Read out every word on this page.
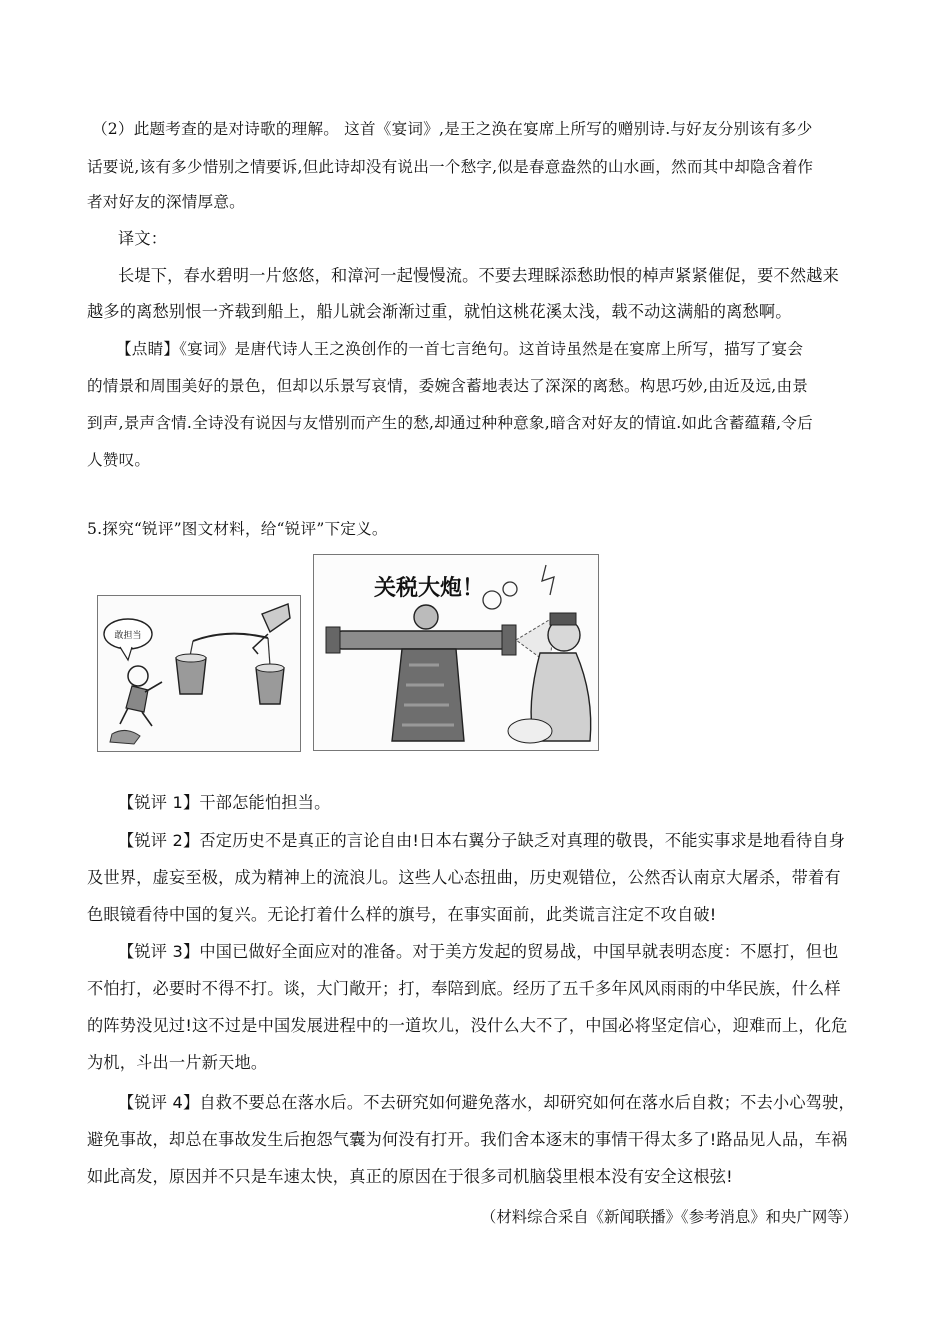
（2）此题考查的是对诗歌的理解。 这首《宴词》,是王之涣在宴席上所写的赠别诗.与好友分别该有多少
话要说,该有多少惜别之情要诉,但此诗却没有说出一个愁字,似是春意盎然的山水画，然而其中却隐含着作
者对好友的深情厚意。
译文：
长堤下，春水碧明一片悠悠，和漳河一起慢慢流。不要去理睬添愁助恨的棹声紧紧催促，要不然越来
越多的离愁别恨一齐载到船上，船儿就会渐渐过重，就怕这桃花溪太浅，载不动这满船的离愁啊。
【点睛】《宴词》是唐代诗人王之涣创作的一首七言绝句。这首诗虽然是在宴席上所写，描写了宴会
的情景和周围美好的景色，但却以乐景写哀情，委婉含蓄地表达了深深的离愁。构思巧妙,由近及远,由景
到声,景声含情.全诗没有说因与友惜别而产生的愁,却通过种种意象,暗含对好友的情谊.如此含蓄蕴藉,令后
人赞叹。
5.探究“锐评”图文材料，给“锐评”下定义。
敢担当
关税大炮！
【锐评 1】干部怎能怕担当。
【锐评 2】否定历史不是真正的言论自由!日本右翼分子缺乏对真理的敬畏，不能实事求是地看待自身
及世界，虚妄至极，成为精神上的流浪儿。这些人心态扭曲，历史观错位，公然否认南京大屠杀，带着有
色眼镜看待中国的复兴。无论打着什么样的旗号，在事实面前，此类谎言注定不攻自破!
【锐评 3】中国已做好全面应对的准备。对于美方发起的贸易战，中国早就表明态度：不愿打，但也
不怕打，必要时不得不打。谈，大门敞开；打，奉陪到底。经历了五千多年风风雨雨的中华民族，什么样
的阵势没见过!这不过是中国发展进程中的一道坎儿，没什么大不了，中国必将坚定信心，迎难而上，化危
为机，斗出一片新天地。
【锐评 4】自救不要总在落水后。不去研究如何避免落水，却研究如何在落水后自救；不去小心驾驶，
避免事故，却总在事故发生后抱怨气囊为何没有打开。我们舍本逐末的事情干得太多了!路品见人品，车祸
如此高发，原因并不只是车速太快，真正的原因在于很多司机脑袋里根本没有安全这根弦!
（材料综合采自《新闻联播》《参考消息》和央广网等）
